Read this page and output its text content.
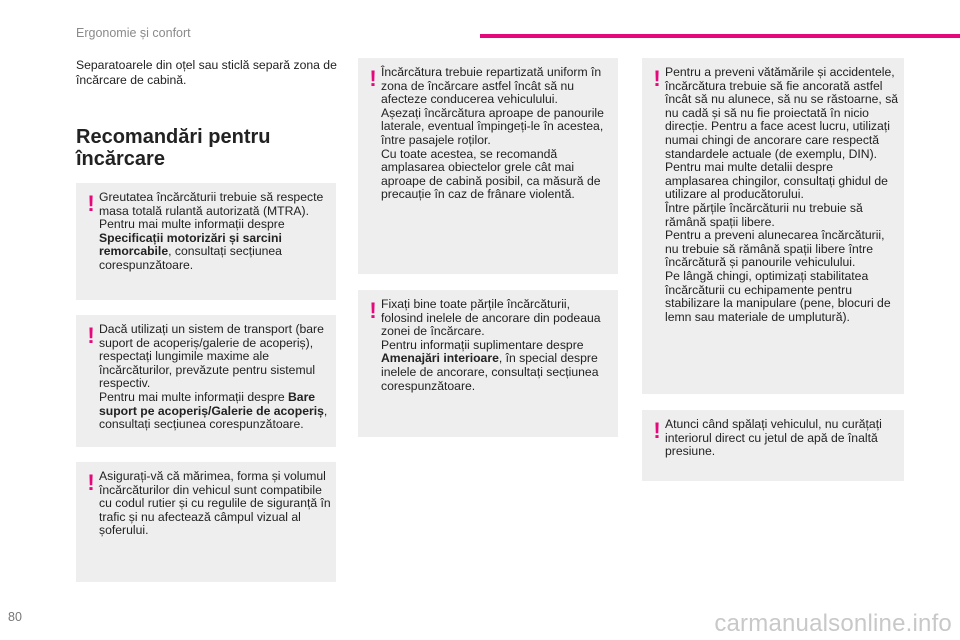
Ergonomie și confort
Separatoarele din oțel sau sticlă separă zona de încărcare de cabină.
Recomandări pentru încărcare
! Greutatea încărcăturii trebuie să respecte masa totală rulantă autorizată (MTRA). Pentru mai multe informații despre Specificații motorizări și sarcini remorcabile, consultați secțiunea corespunzătoare.

! Dacă utilizați un sistem de transport (bare suport de acoperiș/galerie de acoperiș), respectați lungimile maxime ale încărcăturilor, prevăzute pentru sistemul respectiv.

Pentru mai multe informații despre Bare suport pe acoperiș/Galerie de acoperiș, consultați secțiunea corespunzătoare.

! Asigurați-vă că mărimea, forma și volumul încărcăturilor din vehicul sunt compatibile cu codul rutier și cu regulile de siguranță în trafic și nu afectează câmpul vizual al șoferului.

! Încărcătura trebuie repartizată uniform în zona de încărcare astfel încât să nu afecteze conducerea vehiculului.

Așezați încărcătura aproape de panourile laterale, eventual împingeți-le în acestea, între pasajele roților.

Cu toate acestea, se recomandă amplasarea obiectelor grele cât mai aproape de cabină posibil, ca măsură de precauție în caz de frânare violentă.

! Fixați bine toate părțile încărcăturii, folosind inelele de ancorare din podeaua zonei de încărcare.

Pentru informații suplimentare despre Amenajări interioare, în special despre inelele de ancorare, consultați secțiunea corespunzătoare.

! Pentru a preveni vătămările și accidentele, încărcătura trebuie să fie ancorată astfel încât să nu alunece, să nu se răstoarne, să nu cadă și să nu fie proiectată în nicio direcție. Pentru a face acest lucru, utilizați numai chingi de ancorare care respectă standardele actuale (de exemplu, DIN).

Pentru mai multe detalii despre amplasarea chingilor, consultați ghidul de utilizare al producătorului.

Între părțile încărcăturii nu trebuie să rămână spații libere.

Pentru a preveni alunecarea încărcăturii, nu trebuie să rămână spații libere între încărcătură și panourile vehiculului.

Pe lângă chingi, optimizați stabilitatea încărcăturii cu echipamente pentru stabilizare la manipulare (pene, blocuri de lemn sau materiale de umplutură).

! Atunci când spălați vehiculul, nu curățați interiorul direct cu jetul de apă de înaltă presiune.

80	carmanualsonline.info
